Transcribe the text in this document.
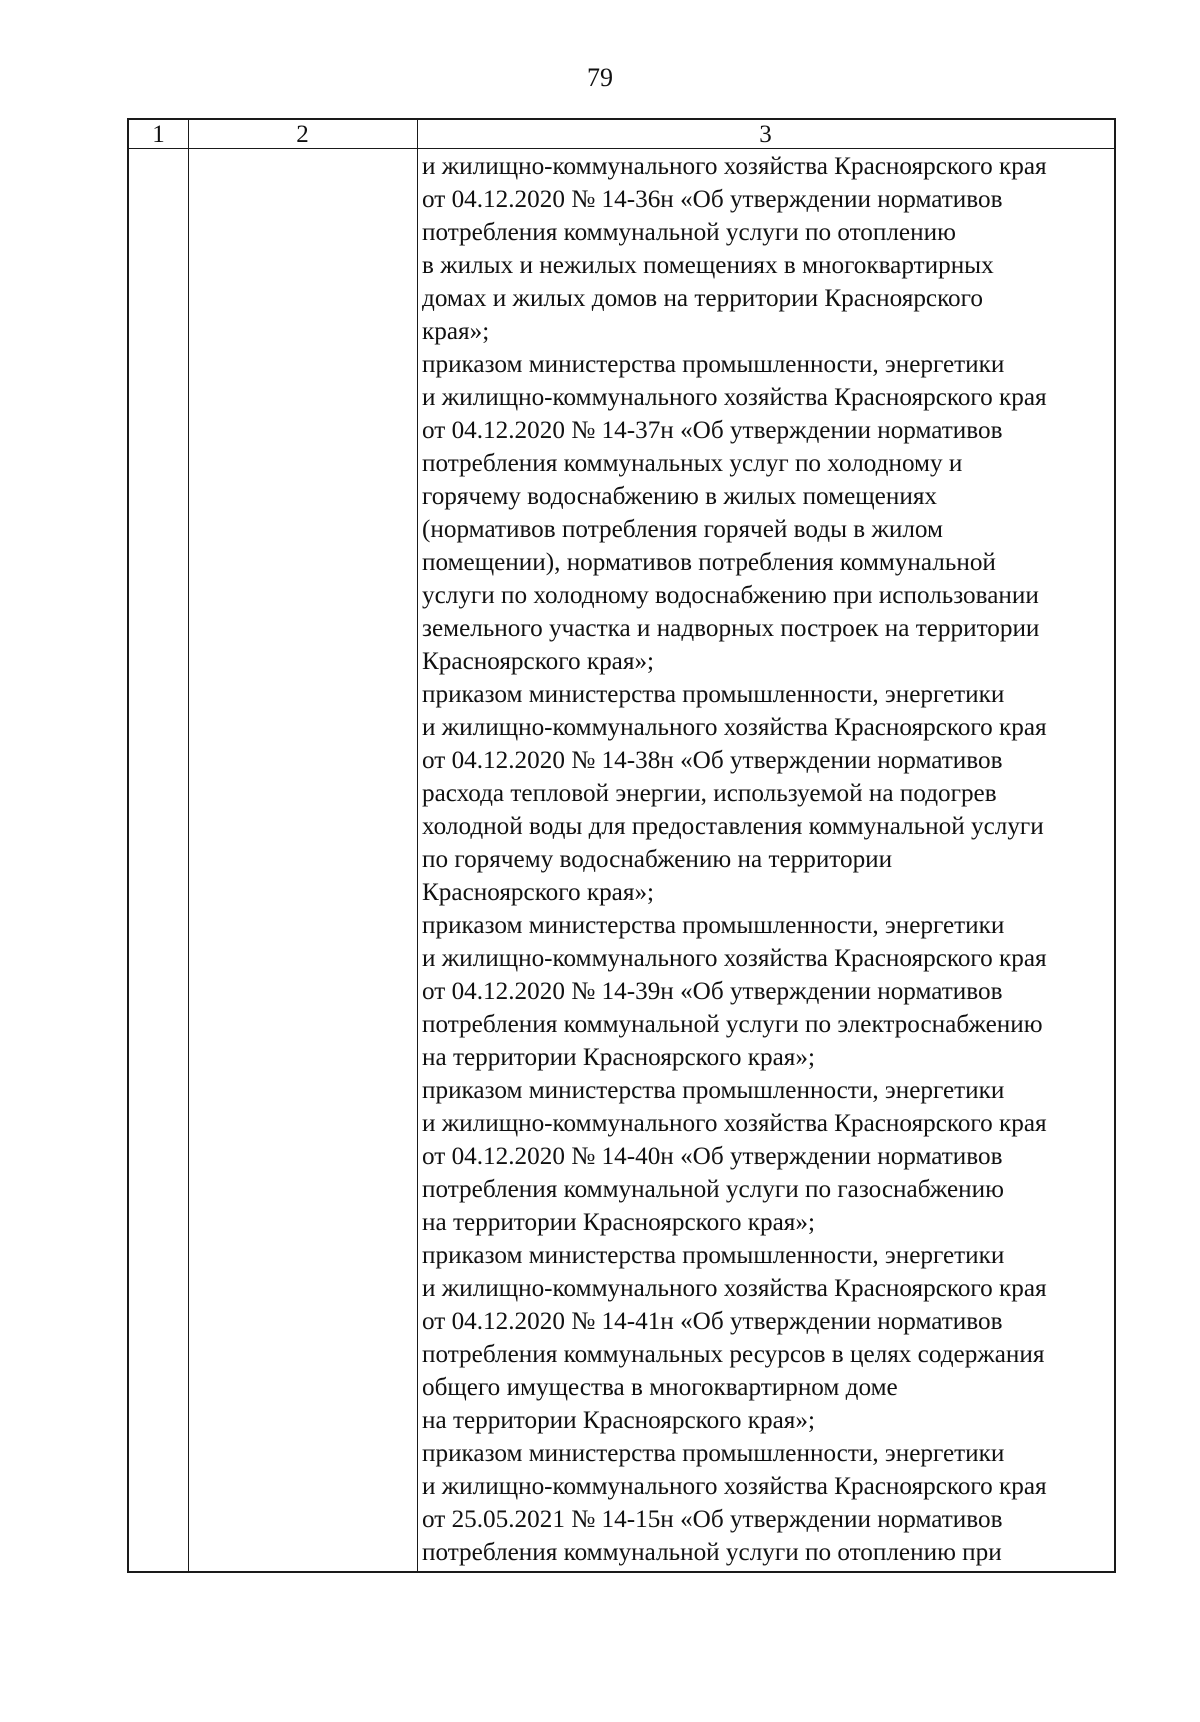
79
1	2	3
и жилищно-коммунального хозяйства Красноярского края
от 04.12.2020 № 14-36н «Об утверждении нормативов
потребления коммунальной услуги по отоплению
в жилых и нежилых помещениях в многоквартирных
домах и жилых домов на территории Красноярского
края»;
приказом министерства промышленности, энергетики
и жилищно-коммунального хозяйства Красноярского края
от 04.12.2020 № 14-37н «Об утверждении нормативов
потребления коммунальных услуг по холодному и
горячему водоснабжению в жилых помещениях
(нормативов потребления горячей воды в жилом
помещении), нормативов потребления коммунальной
услуги по холодному водоснабжению при использовании
земельного участка и надворных построек на территории
Красноярского края»;
приказом министерства промышленности, энергетики
и жилищно-коммунального хозяйства Красноярского края
от 04.12.2020 № 14-38н «Об утверждении нормативов
расхода тепловой энергии, используемой на подогрев
холодной воды для предоставления коммунальной услуги
по горячему водоснабжению на территории
Красноярского края»;
приказом министерства промышленности, энергетики
и жилищно-коммунального хозяйства Красноярского края
от 04.12.2020 № 14-39н «Об утверждении нормативов
потребления коммунальной услуги по электроснабжению
на территории Красноярского края»;
приказом министерства промышленности, энергетики
и жилищно-коммунального хозяйства Красноярского края
от 04.12.2020 № 14-40н «Об утверждении нормативов
потребления коммунальной услуги по газоснабжению
на территории Красноярского края»;
приказом министерства промышленности, энергетики
и жилищно-коммунального хозяйства Красноярского края
от 04.12.2020 № 14-41н «Об утверждении нормативов
потребления коммунальных ресурсов в целях содержания
общего имущества в многоквартирном доме
на территории Красноярского края»;
приказом министерства промышленности, энергетики
и жилищно-коммунального хозяйства Красноярского края
от 25.05.2021 № 14-15н «Об утверждении нормативов
потребления коммунальной услуги по отоплению при
